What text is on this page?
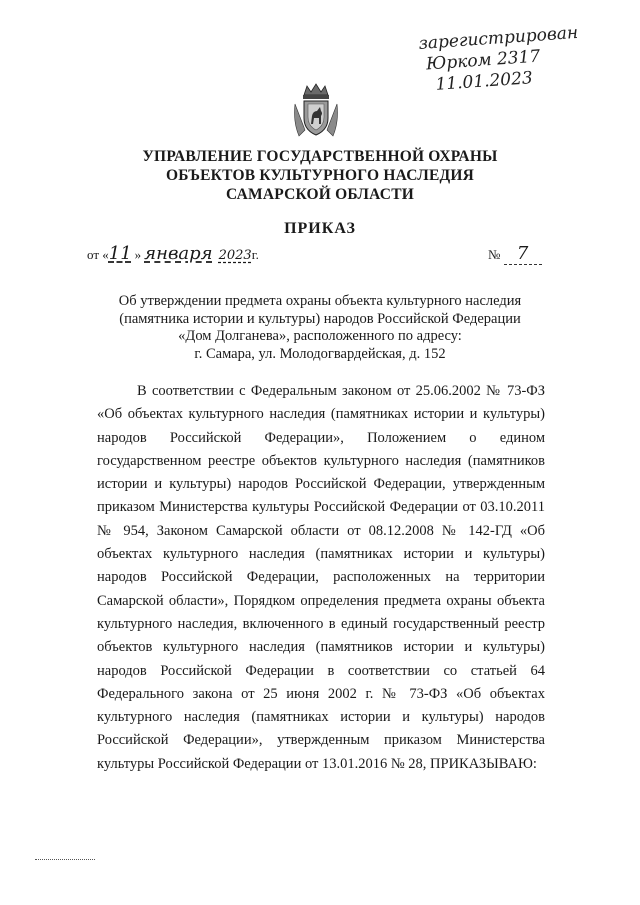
зарегистрирован
Юрком 2317
11.01.2023
УПРАВЛЕНИЕ ГОСУДАРСТВЕННОЙ ОХРАНЫ
ОБЪЕКТОВ КУЛЬТУРНОГО НАСЛЕДИЯ
САМАРСКОЙ ОБЛАСТИ
ПРИКАЗ
от «11 » января 2023г.	№ 7
Об утверждении предмета охраны объекта культурного наследия
(памятника истории и культуры) народов Российской Федерации
«Дом Долганева», расположенного по адресу:
г. Самара, ул. Молодогвардейская, д. 152
В соответствии с Федеральным законом от 25.06.2002 № 73-ФЗ «Об объектах культурного наследия (памятниках истории и культуры) народов Российской Федерации», Положением о едином государственном реестре объектов культурного наследия (памятников истории и культуры) народов Российской Федерации, утвержденным приказом Министерства культуры Российской Федерации от 03.10.2011 № 954, Законом Самарской области от 08.12.2008 № 142-ГД «Об объектах культурного наследия (памятниках истории и культуры) народов Российской Федерации, расположенных на территории Самарской области», Порядком определения предмета охраны объекта культурного наследия, включенного в единый государственный реестр объектов культурного наследия (памятников истории и культуры) народов Российской Федерации в соответствии со статьей 64 Федерального закона от 25 июня 2002 г. № 73-ФЗ «Об объектах культурного наследия (памятниках истории и культуры) народов Российской Федерации», утвержденным приказом Министерства культуры Российской Федерации от 13.01.2016 № 28, ПРИКАЗЫВАЮ:
